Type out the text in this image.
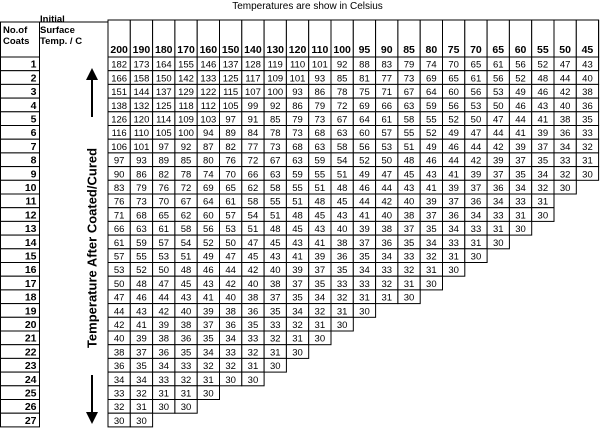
Temperatures are show in Celsius
No.of
Coats
Initial
Surface
Temp. / C
200 190 180 170 160 150 140 130 120 110 100 95 90 85 80 75 70 65 60 55 50 45
1	182 173 164 155 146 137 128 119 110 101 92 88 83 79 74 70 65 61 56 52 47 43
2	166 158 150 142 133 125 117 109 101 93 85 81 77 73 69 65 61 56 52 48 44 40
3	151 144 137 129 122 115 107 100 93 86 78 75 71 67 64 60 56 53 49 46 42 38
4	138 132 125 118 112 105 99 92 86 79 72 69 66 63 59 56 53 50 46 43 40 36
5	126 120 114 109 103 97 91 85 79 73 67 64 61 58 55 52 50 47 44 41 38 35
6	116 110 105 100 94 89 84 78 73 68 63 60 57 55 52 49 47 44 41 39 36 33
7	106 101 97 92 87 82 77 73 68 63 58 56 53 51 49 46 44 42 39 37 34 32
8	97 93 89 85 80 76 72 67 63 59 54 52 50 48 46 44 42 39 37 35 33 31
9	90 86 82 78 74 70 66 63 59 55 51 49 47 45 43 41 39 37 35 34 32 30
10	83 79 76 72 69 65 62 58 55 51 48 46 44 43 41 39 37 36 34 32 30
11	76 73 70 67 64 61 58 55 51 48 45 44 42 40 39 37 36 34 33 31
12	71 68 65 62 60 57 54 51 48 45 43 41 40 38 37 36 34 33 31 30
13	66 63 61 58 56 53 51 48 45 43 40 39 38 37 35 34 33 31 30
14	61 59 57 54 52 50 47 45 43 41 38 37 36 35 34 33 31 30
15	57 55 53 51 49 47 45 43 41 39 36 35 34 33 32 31 30
16	53 52 50 48 46 44 42 40 39 37 35 34 33 32 31 30
17	50 48 47 45 43 42 40 38 37 35 33 33 32 31 30
18	47 46 44 43 41 40 38 37 35 34 32 31 31 30
19	44 43 42 40 39 38 36 35 34 32 31 30
20	42 41 39 38 37 36 35 33 32 31 30
21	40 39 38 36 35 34 33 32 31 30
22	38 37 36 35 34 33 32 31 30
23	36 35 34 33 32 32 31 30
24	34 34 33 32 31 30 30
25	33 32 31 31 30
26	32 31 30 30
27	30 30
Temperature After Coated/Cured
